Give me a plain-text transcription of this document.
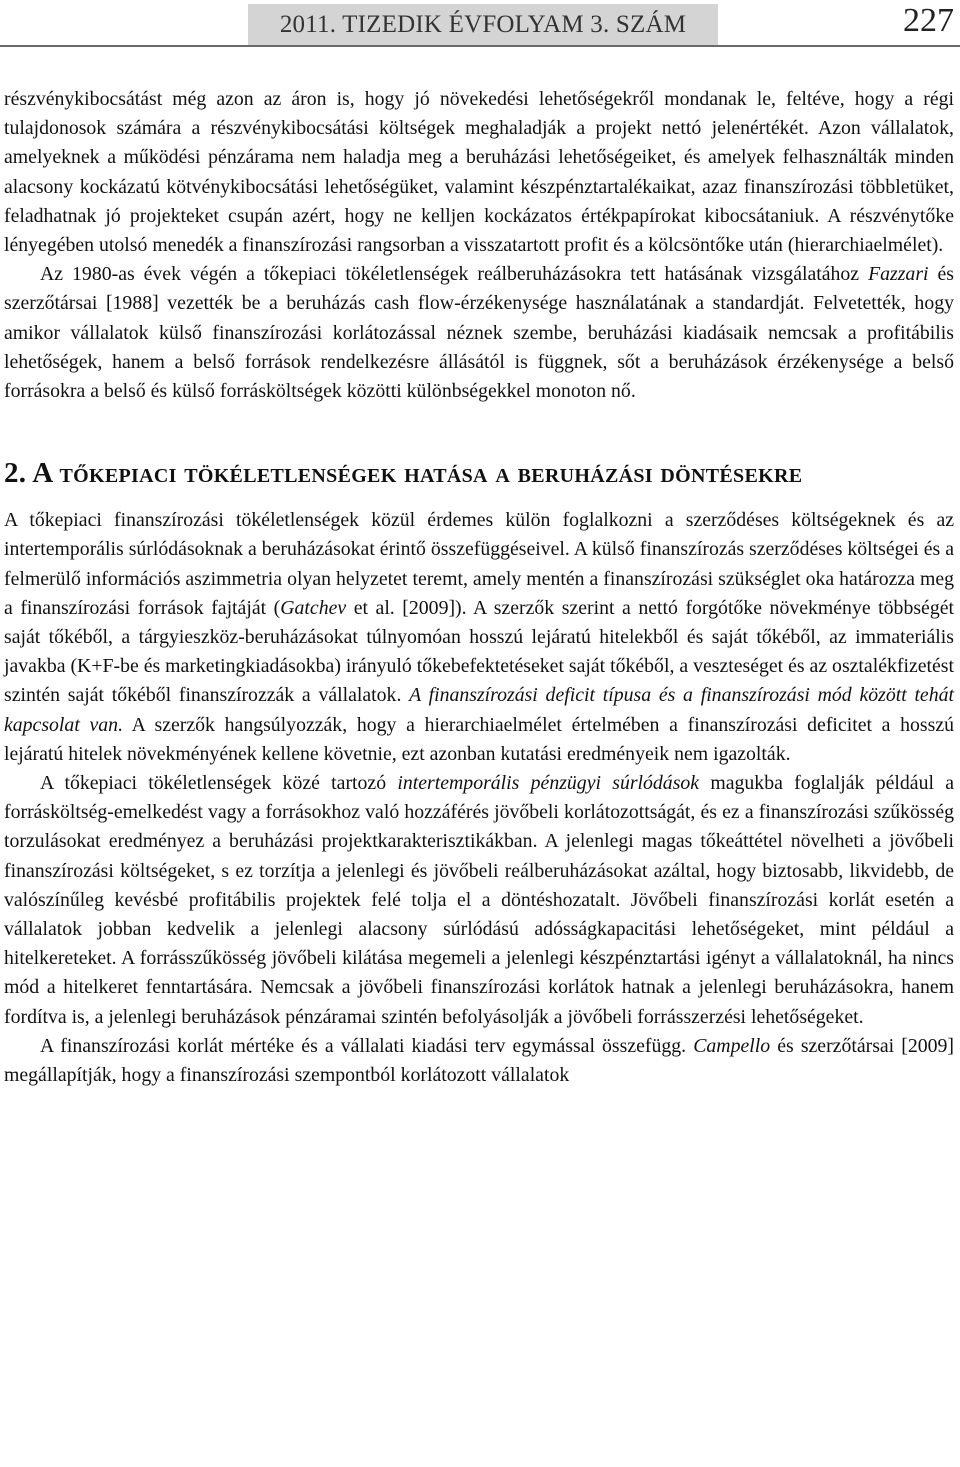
2011. TIZEDIK ÉVFOLYAM 3. SZÁM	227

részvénykibocsátást még azon az áron is, hogy jó növekedési lehetőségekről mondanak le, feltéve, hogy a régi tulajdonosok számára a részvénykibocsátási költségek meghaladják a projekt nettó jelenértékét. Azon vállalatok, amelyeknek a működési pénzárama nem haladja meg a beruházási lehetőségeiket, és amelyek felhasználták minden alacsony kockázatú kötvénykibocsátási lehetőségüket, valamint készpénztartalékaikat, azaz finanszírozási többletüket, feladhatnak jó projekteket csupán azért, hogy ne kelljen kockázatos értékpapírokat kibocsátaniuk. A részvénytőke lényegében utolsó menedék a finanszírozási rangsorban a visszatartott profit és a kölcsöntőke után (hierarchiaelmélet).

Az 1980-as évek végén a tőkepiaci tökéletlenségek reálberuházásokra tett hatásának vizsgálatához Fazzari és szerzőtársai [1988] vezették be a beruházás cash flow-érzékenysége használatának a standardját. Felvetették, hogy amikor vállalatok külső finanszírozási korlátozással néznek szembe, beruházási kiadásaik nemcsak a profitábilis lehetőségek, hanem a belső források rendelkezésre állásától is függnek, sőt a beruházások érzékenysége a belső forrásokra a belső és külső forrásköltségek közötti különbségekkel monoton nő.

2. A tőkepiaci tökéletlenségek hatása a beruházási döntésekre

A tőkepiaci finanszírozási tökéletlenségek közül érdemes külön foglalkozni a szerződéses költségeknek és az intertemporális súrlódásoknak a beruházásokat érintő összefüggéseivel. A külső finanszírozás szerződéses költségei és a felmerülő információs aszimmetria olyan helyzetet teremt, amely mentén a finanszírozási szükséglet oka határozza meg a finanszírozási források fajtáját (Gatchev et al. [2009]). A szerzők szerint a nettó forgótőke növekménye többségét saját tőkéből, a tárgyieszköz-beruházásokat túlnyomóan hosszú lejáratú hitelekből és saját tőkéből, az immateriális javakba (K+F-be és marketingkiadásokba) irányuló tőkebefektetéseket saját tőkéből, a veszteséget és az osztalékfizetést szintén saját tőkéből finanszírozzák a vállalatok. A finanszírozási deficit típusa és a finanszírozási mód között tehát kapcsolat van. A szerzők hangsúlyozzák, hogy a hierarchiaelmélet értelmében a finanszírozási deficitet a hosszú lejáratú hitelek növekményének kellene követnie, ezt azonban kutatási eredményeik nem igazolták.

A tőkepiaci tökéletlenségek közé tartozó intertemporális pénzügyi súrlódások magukba foglalják például a forrásköltség-emelkedést vagy a forrásokhoz való hozzáférés jövőbeli korlátozottságát, és ez a finanszírozási szűkösség torzulásokat eredményez a beruházási projektkarakterisztikákban. A jelenlegi magas tőkeáttétel növelheti a jövőbeli finanszírozási költségeket, s ez torzítja a jelenlegi és jövőbeli reálberuházásokat azáltal, hogy biztosabb, likvidebb, de valószínűleg kevésbé profitábilis projektek felé tolja el a döntéshozatalt. Jövőbeli finanszírozási korlát esetén a vállalatok jobban kedvelik a jelenlegi alacsony súrlódású adósságkapacitási lehetőségeket, mint például a hitelkereteket. A forrásszűkösség jövőbeli kilátása megemeli a jelenlegi készpénztartási igényt a vállalatoknál, ha nincs mód a hitelkeret fenntartására. Nemcsak a jövőbeli finanszírozási korlátok hatnak a jelenlegi beruházásokra, hanem fordítva is, a jelenlegi beruházások pénzáramai szintén befolyásolják a jövőbeli forrásszerzési lehetőségeket.

A finanszírozási korlát mértéke és a vállalati kiadási terv egymással összefügg. Campello és szerzőtársai [2009] megállapítják, hogy a finanszírozási szempontból korlátozott vállalatok
